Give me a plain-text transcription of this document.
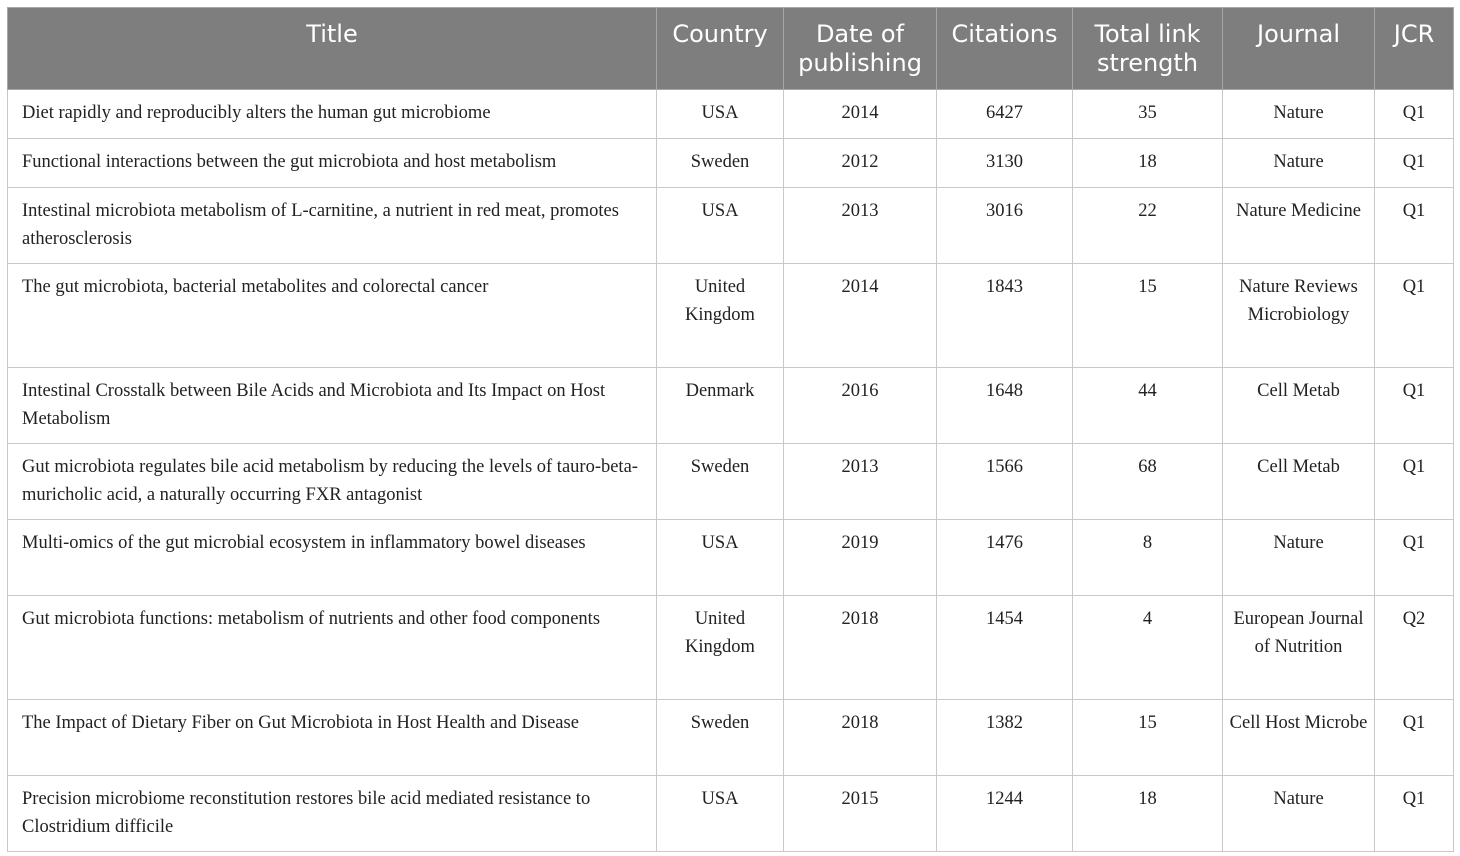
Title	Country	Date of publishing	Citations	Total link strength	Journal	JCR
Diet rapidly and reproducibly alters the human gut microbiome	USA	2014	6427	35	Nature	Q1
Functional interactions between the gut microbiota and host metabolism	Sweden	2012	3130	18	Nature	Q1
Intestinal microbiota metabolism of L-carnitine, a nutrient in red meat, promotes atherosclerosis	USA	2013	3016	22	Nature Medicine	Q1
The gut microbiota, bacterial metabolites and colorectal cancer	United Kingdom	2014	1843	15	Nature Reviews Microbiology	Q1
Intestinal Crosstalk between Bile Acids and Microbiota and Its Impact on Host Metabolism	Denmark	2016	1648	44	Cell Metab	Q1
Gut microbiota regulates bile acid metabolism by reducing the levels of tauro-beta-muricholic acid, a naturally occurring FXR antagonist	Sweden	2013	1566	68	Cell Metab	Q1
Multi-omics of the gut microbial ecosystem in inflammatory bowel diseases	USA	2019	1476	8	Nature	Q1
Gut microbiota functions: metabolism of nutrients and other food components	United Kingdom	2018	1454	4	European Journal of Nutrition	Q2
The Impact of Dietary Fiber on Gut Microbiota in Host Health and Disease	Sweden	2018	1382	15	Cell Host Microbe	Q1
Precision microbiome reconstitution restores bile acid mediated resistance to Clostridium difficile	USA	2015	1244	18	Nature	Q1
